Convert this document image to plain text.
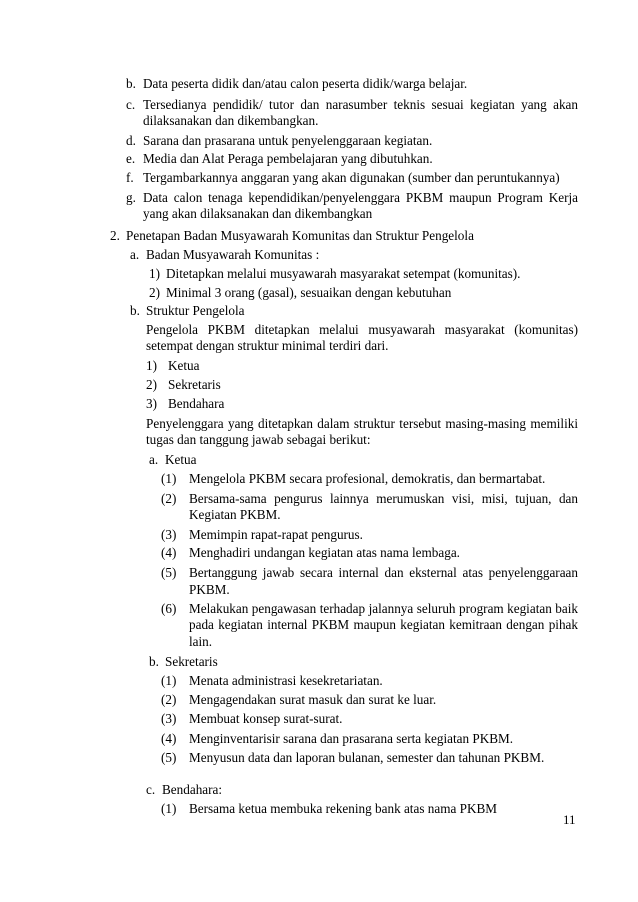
b. Data peserta didik dan/atau calon peserta didik/warga belajar.
c. Tersedianya pendidik/ tutor dan narasumber teknis sesuai kegiatan yang akan
dilaksanakan dan dikembangkan.
d. Sarana dan prasarana untuk penyelenggaraan kegiatan.
e. Media dan Alat Peraga pembelajaran yang dibutuhkan.
f. Tergambarkannya anggaran yang akan digunakan (sumber dan peruntukannya)
g. Data calon tenaga kependidikan/penyelenggara PKBM maupun Program Kerja
yang akan dilaksanakan dan dikembangkan
2. Penetapan Badan Musyawarah Komunitas dan Struktur Pengelola
a. Badan Musyawarah Komunitas :
1) Ditetapkan melalui musyawarah masyarakat setempat (komunitas).
2) Minimal 3 orang (gasal), sesuaikan dengan kebutuhan
b. Struktur Pengelola
Pengelola PKBM ditetapkan melalui musyawarah masyarakat (komunitas)
setempat dengan struktur minimal terdiri dari.
1) Ketua
2) Sekretaris
3) Bendahara
Penyelenggara yang ditetapkan dalam struktur tersebut masing-masing memiliki
tugas dan tanggung jawab sebagai berikut:
a. Ketua
(1) Mengelola PKBM secara profesional, demokratis, dan bermartabat.
(2) Bersama-sama pengurus lainnya merumuskan visi, misi, tujuan, dan
Kegiatan PKBM.
(3) Memimpin rapat-rapat pengurus.
(4) Menghadiri undangan kegiatan atas nama lembaga.
(5) Bertanggung jawab secara internal dan eksternal atas penyelenggaraan
PKBM.
(6) Melakukan pengawasan terhadap jalannya seluruh program kegiatan baik
pada kegiatan internal PKBM maupun kegiatan kemitraan dengan pihak
lain.
b. Sekretaris
(1) Menata administrasi kesekretariatan.
(2) Mengagendakan surat masuk dan surat ke luar.
(3) Membuat konsep surat-surat.
(4) Menginventarisir sarana dan prasarana serta kegiatan PKBM.
(5) Menyusun data dan laporan bulanan, semester dan tahunan PKBM.
c. Bendahara:
(1) Bersama ketua membuka rekening bank atas nama PKBM
11
